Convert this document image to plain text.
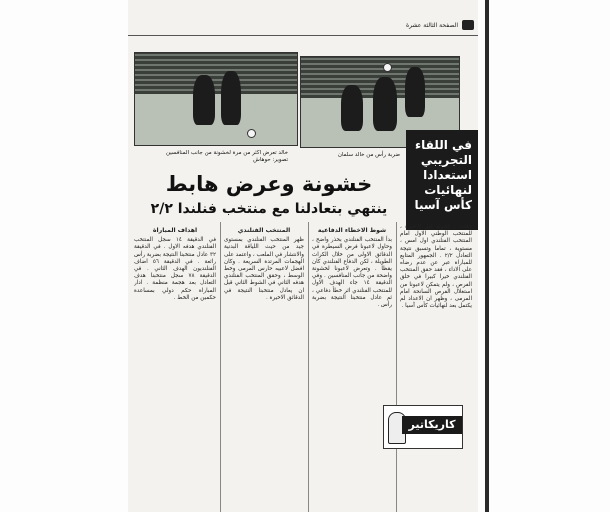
الصفحة الثالثة عشرة
خالد تعرض اكثر من مرة لخشونة من جانب المنافسين
تصوير: حوهاش
ضربة رأس من خالد سلمان
في اللقاء التجريبي استعدادا لنهائيات كأس آسيا
خشونة وعرض هابط
ينتهي بتعادلنا مع منتخب فنلندا ٢/٢
جاءت ، الجولة قبل الأخيرة ، للمنتخب الوطني الاول امام المنتخب الفنلندي اول امس ، مستوية ، تماما وتسبق نتيجة التعادل ٢/٢ . الجمهور المتابع للمباراة عبر عن عدم رضاه على الاداء ، فقد حقق المنتخب الفنلندي خيرا كبيرا في خلق الفرص ، ولم يتمكن لاعبونا من استغلال الفرص السانحة امام المرمى ، وظهر ان الاعداد لم يكتمل بعد لنهائيات كأس آسيا .
شوط الاخطاء الدفاعية
بدأ المنتخب الفنلندي بحذر واضح ، وحاول لاعبونا فرض السيطرة في الدقائق الاولى من خلال الكرات الطويلة ، لكن الدفاع الفنلندي كان يقظا . وتعرض لاعبونا لخشونة واضحة من جانب المنافسين . وفي الدقيقة ١٤ جاء الهدف الاول للمنتخب الفنلندي اثر خطأ دفاعي ، ثم عادل منتخبنا النتيجة بضربة رأس .
المنتخب الفنلندي
ظهر المنتخب الفنلندي بمستوى جيد من حيث اللياقة البدنية والانتشار في الملعب ، واعتمد على الهجمات المرتدة السريعة . وكان افضل لاعبيه حارس المرمى وخط الوسط ، وحقق المنتخب الفنلندي هدفه الثاني في الشوط الثاني قبل ان يعادل منتخبنا النتيجة في الدقائق الاخيرة .
اهداف المباراة
في الدقيقة ١٤ سجل المنتخب الفنلندي هدفه الاول . في الدقيقة ٣٢ عادل منتخبنا النتيجة بضربة رأس رائعة . في الدقيقة ٥٦ اضاف الفنلنديون الهدف الثاني . في الدقيقة ٧٨ سجل منتخبنا هدف التعادل بعد هجمة منظمة . ادار المباراة حكم دولي بمساعدة حكمين من الخط .
كاريكاتير
